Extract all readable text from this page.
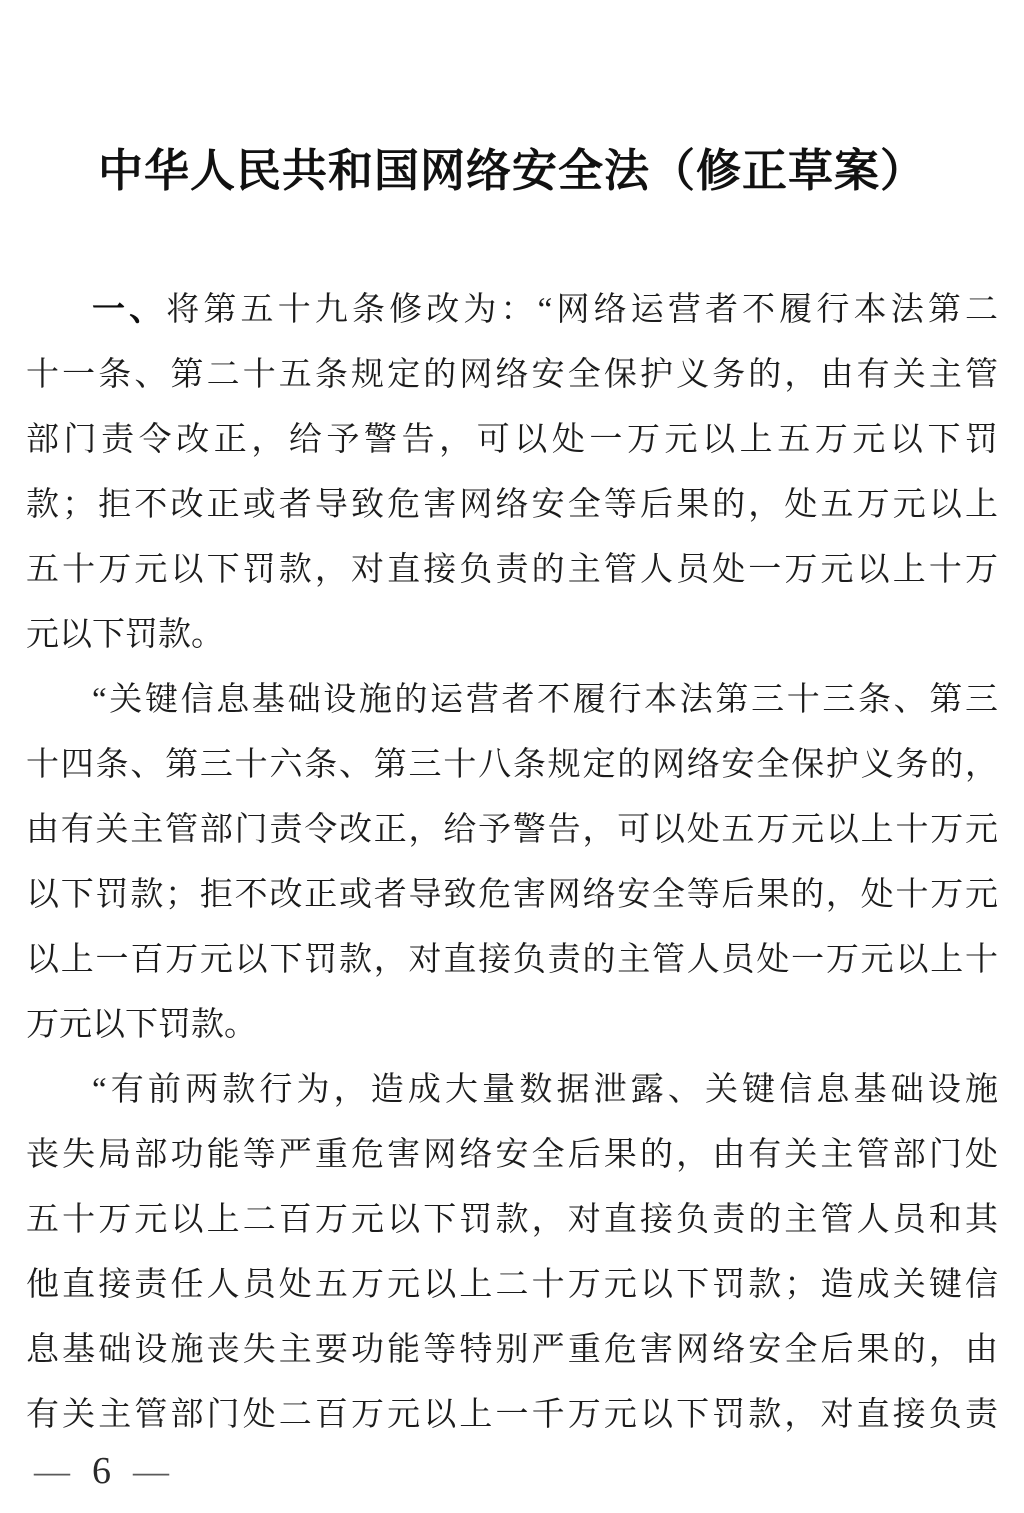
中华人民共和国网络安全法（修正草案）
一、将第五十九条修改为：“网络运营者不履行本法第二
十一条、第二十五条规定的网络安全保护义务的，由有关主管
部门责令改正，给予警告，可以处一万元以上五万元以下罚
款；拒不改正或者导致危害网络安全等后果的，处五万元以上
五十万元以下罚款，对直接负责的主管人员处一万元以上十万
元以下罚款。
“关键信息基础设施的运营者不履行本法第三十三条、第三
十四条、第三十六条、第三十八条规定的网络安全保护义务的，
由有关主管部门责令改正，给予警告，可以处五万元以上十万元
以下罚款；拒不改正或者导致危害网络安全等后果的，处十万元
以上一百万元以下罚款，对直接负责的主管人员处一万元以上十
万元以下罚款。
“有前两款行为，造成大量数据泄露、关键信息基础设施
丧失局部功能等严重危害网络安全后果的，由有关主管部门处
五十万元以上二百万元以下罚款，对直接负责的主管人员和其
他直接责任人员处五万元以上二十万元以下罚款；造成关键信
息基础设施丧失主要功能等特别严重危害网络安全后果的，由
有关主管部门处二百万元以上一千万元以下罚款，对直接负责
— 6 —
